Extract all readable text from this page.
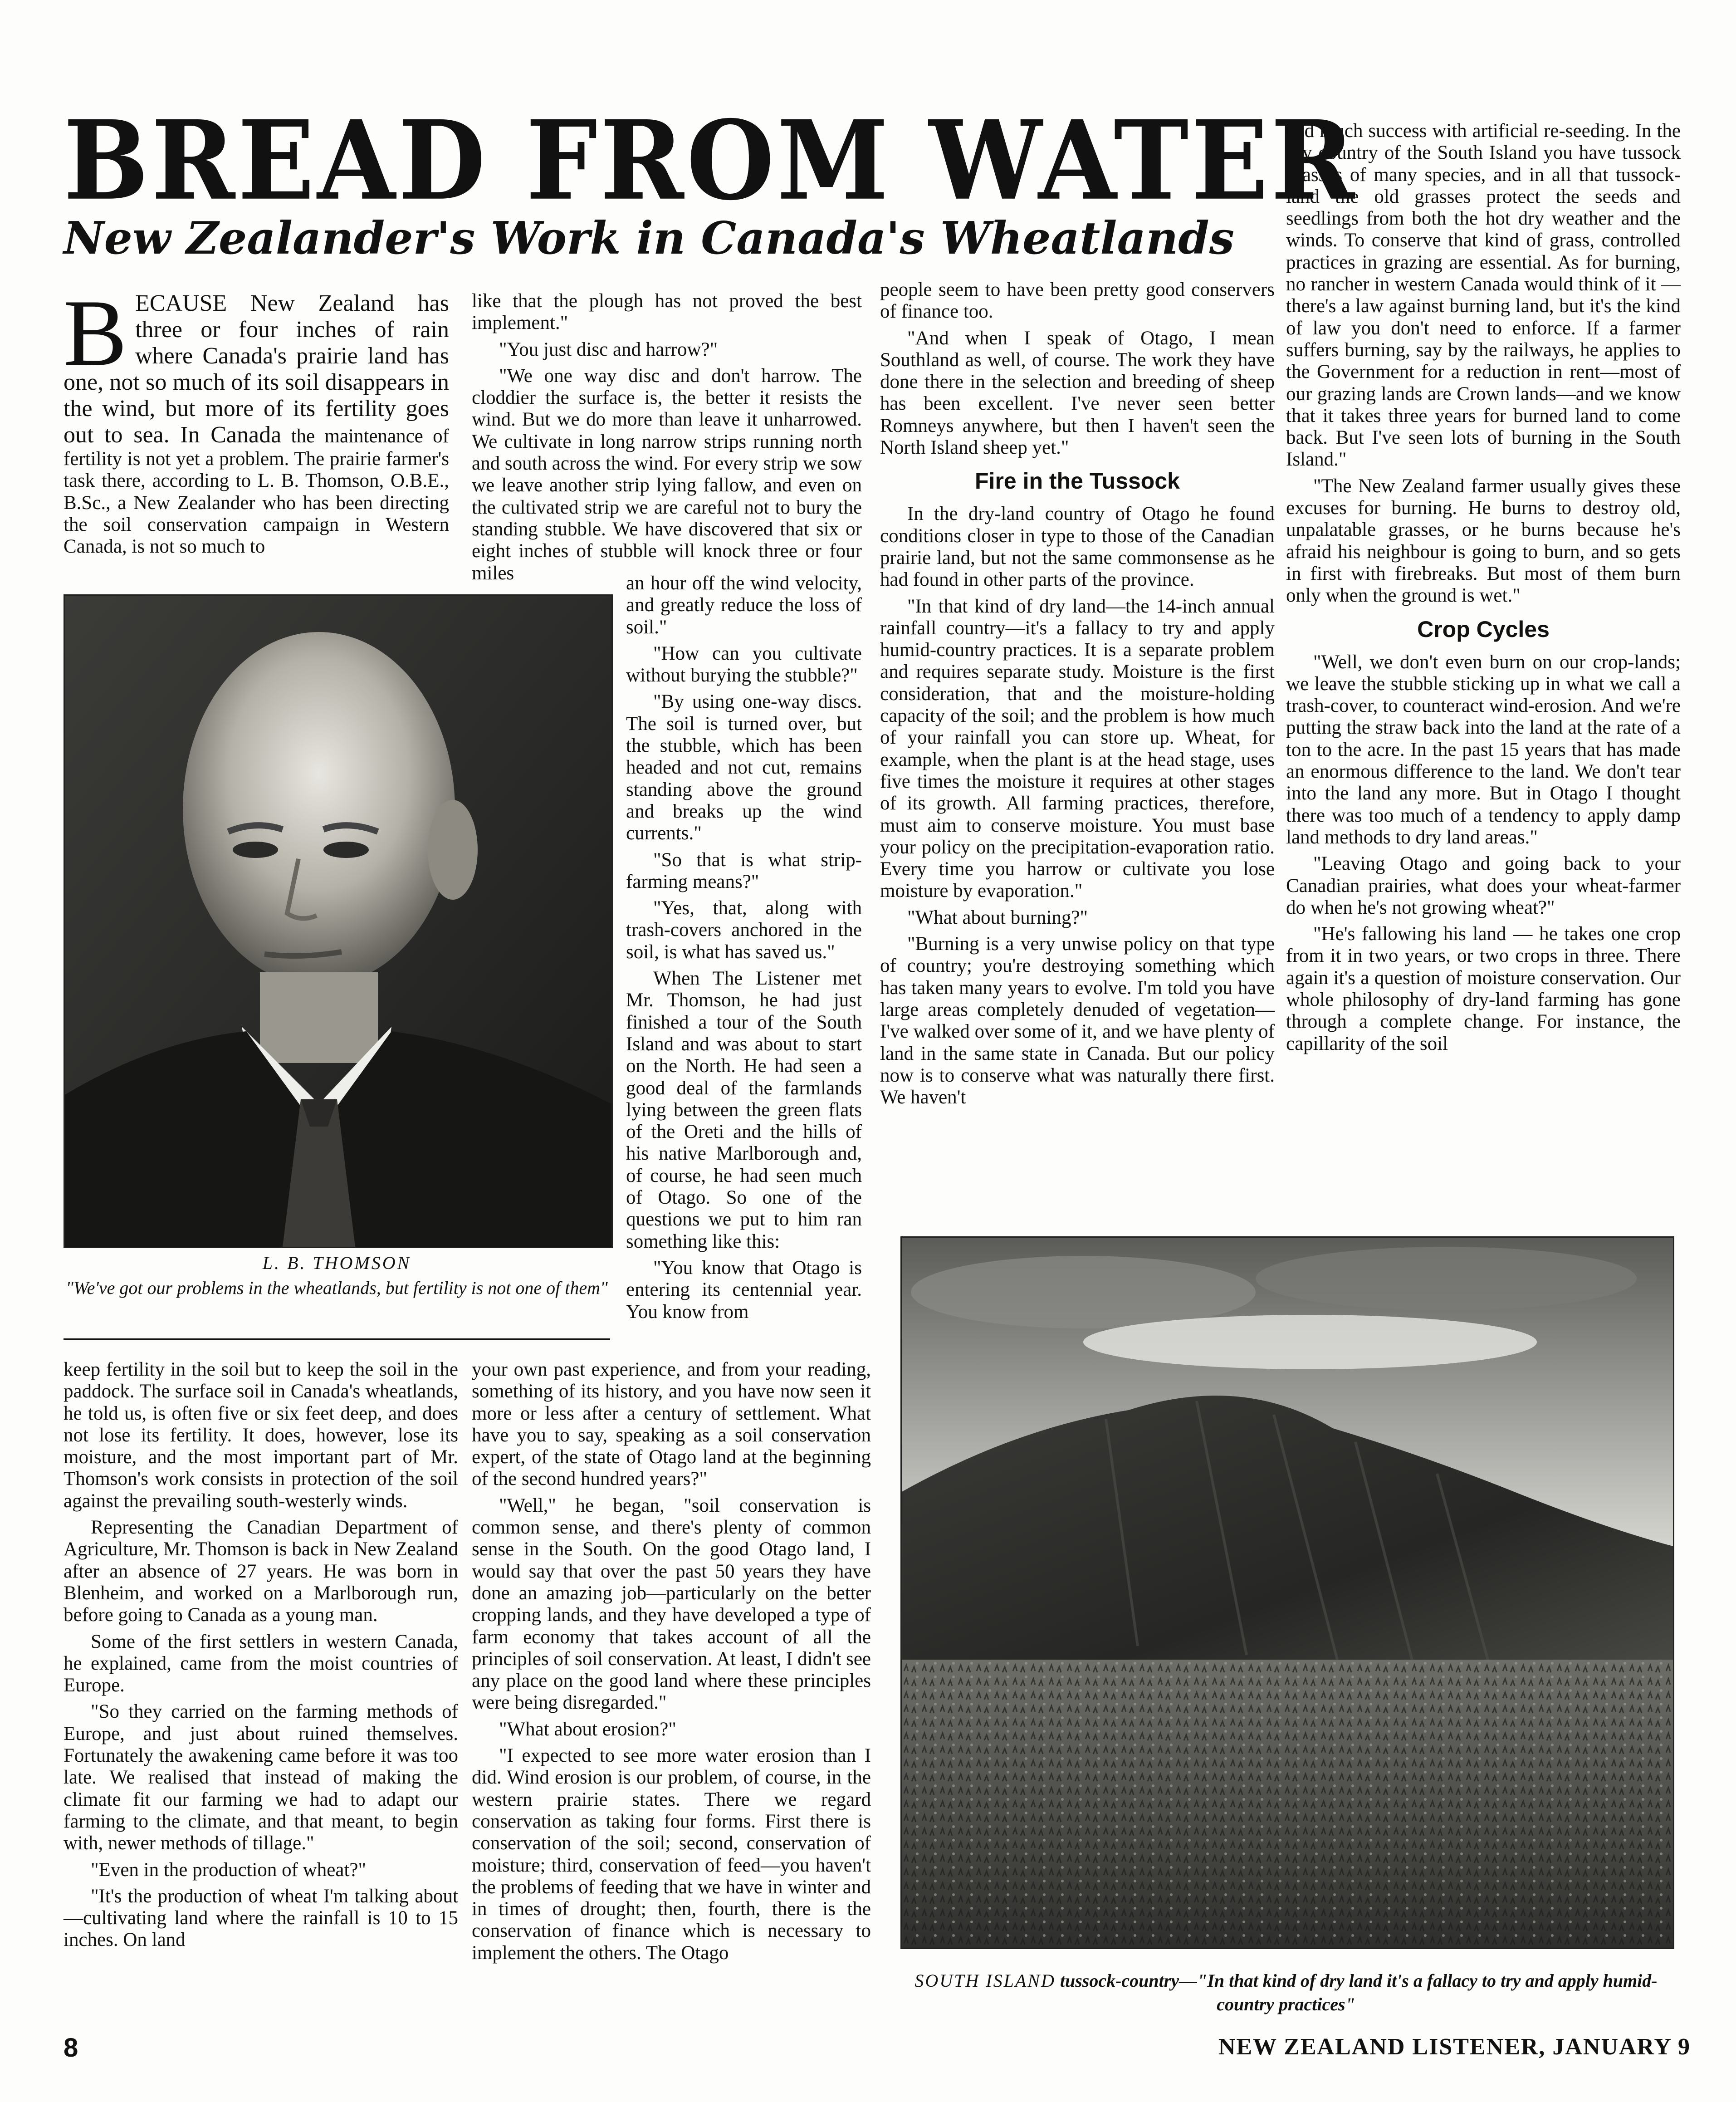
BREAD FROM WATER
New Zealander's Work in Canada's Wheatlands

B ECAUSE New Zealand has three or four inches of rain where Canada's prairie land has one, not so much of its soil disappears in the wind, but more of its fertility goes out to sea. In Canada the maintenance of fertility is not yet a problem. The prairie farmer's task there, according to L. B. Thomson, O.B.E., B.Sc., a New Zealander who has been directing the soil conservation campaign in Western Canada, is not so much to

L. B. THOMSON
"We've got our problems in the wheatlands, but fertility is not one of them"

keep fertility in the soil but to keep the soil in the paddock. The surface soil in Canada's wheatlands, he told us, is often five or six feet deep, and does not lose its fertility. It does, however, lose its moisture, and the most important part of Mr. Thomson's work consists in protection of the soil against the prevailing south-westerly winds.

Representing the Canadian Department of Agriculture, Mr. Thomson is back in New Zealand after an absence of 27 years. He was born in Blenheim, and worked on a Marlborough run, before going to Canada as a young man.

Some of the first settlers in western Canada, he explained, came from the moist countries of Europe.

"So they carried on the farming methods of Europe, and just about ruined themselves. Fortunately the awakening came before it was too late. We realised that instead of making the climate fit our farming we had to adapt our farming to the climate, and that meant, to begin with, newer methods of tillage."

"Even in the production of wheat?"

"It's the production of wheat I'm talking about—cultivating land where the rainfall is 10 to 15 inches. On land

like that the plough has not proved the best implement."

"You just disc and harrow?"

"We one way disc and don't harrow. The cloddier the surface is, the better it resists the wind. But we do more than leave it unharrowed. We cultivate in long narrow strips running north and south across the wind. For every strip we sow we leave another strip lying fallow, and even on the cultivated strip we are careful not to bury the standing stubble. We have discovered that six or eight inches of stubble will knock three or four miles	an hour off the wind velocity, and greatly reduce the loss of soil."

"How can you cultivate without burying the stubble?"

"By using one-way discs. The soil is turned over, but the stubble, which has been headed and not cut, remains standing above the ground and breaks up the wind currents."

"So that is what strip-farming means?"

"Yes, that, along with trash-covers anchored in the soil, is what has saved us."

When The Listener met Mr. Thomson, he had just finished a tour of the South Island and was about to start on the North. He had seen a good deal of the farmlands lying between the green flats of the Oreti and the hills of his native Marlborough and, of course, he had seen much of Otago. So one of the questions we put to him ran something like this:

"You know that Otago is entering its centennial year. You know from

your own past experience, and from your reading, something of its history, and you have now seen it more or less after a century of settlement. What have you to say, speaking as a soil conservation expert, of the state of Otago land at the beginning of the second hundred years?"

"Well," he began, "soil conservation is common sense, and there's plenty of common sense in the South. On the good Otago land, I would say that over the past 50 years they have done an amazing job—particularly on the better cropping lands, and they have developed a type of farm economy that takes account of all the principles of soil conservation. At least, I didn't see any place on the good land where these principles were being disregarded."

"What about erosion?"

"I expected to see more water erosion than I did. Wind erosion is our problem, of course, in the western prairie states. There we regard conservation as taking four forms. First there is conservation of the soil; second, conservation of moisture; third, conservation of feed—you haven't the problems of feeding that we have in winter and in times of drought; then, fourth, there is the conservation of finance which is necessary to implement the others. The Otago

people seem to have been pretty good conservers of finance too.

"And when I speak of Otago, I mean Southland as well, of course. The work they have done there in the selection and breeding of sheep has been excellent. I've never seen better Romneys anywhere, but then I haven't seen the North Island sheep yet."

Fire in the Tussock

In the dry-land country of Otago he found conditions closer in type to those of the Canadian prairie land, but not the same commonsense as he had found in other parts of the province.

"In that kind of dry land—the 14-inch annual rainfall country—it's a fallacy to try and apply humid-country practices. It is a separate problem and requires separate study. Moisture is the first consideration, that and the moisture-holding capacity of the soil; and the problem is how much of your rainfall you can store up. Wheat, for example, when the plant is at the head stage, uses five times the moisture it requires at other stages of its growth. All farming practices, therefore, must aim to conserve moisture. You must base your policy on the precipitation-evaporation ratio. Every time you harrow or cultivate you lose moisture by evaporation."

"What about burning?"

"Burning is a very unwise policy on that type of country; you're destroying something which has taken many years to evolve. I'm told you have large areas completely denuded of vegetation—I've walked over some of it, and we have plenty of land in the same state in Canada. But our policy now is to conserve what was naturally there first. We haven't

had much success with artificial re-seeding. In the dry country of the South Island you have tussock grasses of many species, and in all that tussock-land the old grasses protect the seeds and seedlings from both the hot dry weather and the winds. To conserve that kind of grass, controlled practices in grazing are essential. As for burning, no rancher in western Canada would think of it — there's a law against burning land, but it's the kind of law you don't need to enforce. If a farmer suffers burning, say by the railways, he applies to the Government for a reduction in rent—most of our grazing lands are Crown lands—and we know that it takes three years for burned land to come back. But I've seen lots of burning in the South Island."

"The New Zealand farmer usually gives these excuses for burning. He burns to destroy old, unpalatable grasses, or he burns because he's afraid his neighbour is going to burn, and so gets in first with firebreaks. But most of them burn only when the ground is wet."

Crop Cycles

"Well, we don't even burn on our crop-lands; we leave the stubble sticking up in what we call a trash-cover, to counteract wind-erosion. And we're putting the straw back into the land at the rate of a ton to the acre. In the past 15 years that has made an enormous difference to the land. We don't tear into the land any more. But in Otago I thought there was too much of a tendency to apply damp land methods to dry land areas."

"Leaving Otago and going back to your Canadian prairies, what does your wheat-farmer do when he's not growing wheat?"

"He's fallowing his land — he takes one crop from it in two years, or two crops in three. There again it's a question of moisture conservation. Our whole philosophy of dry-land farming has gone through a complete change. For instance, the capillarity of the soil

SOUTH ISLAND tussock-country—"In that kind of dry land it's a fallacy to try and apply humid-country practices"
8	NEW ZEALAND LISTENER, JANUARY 9
